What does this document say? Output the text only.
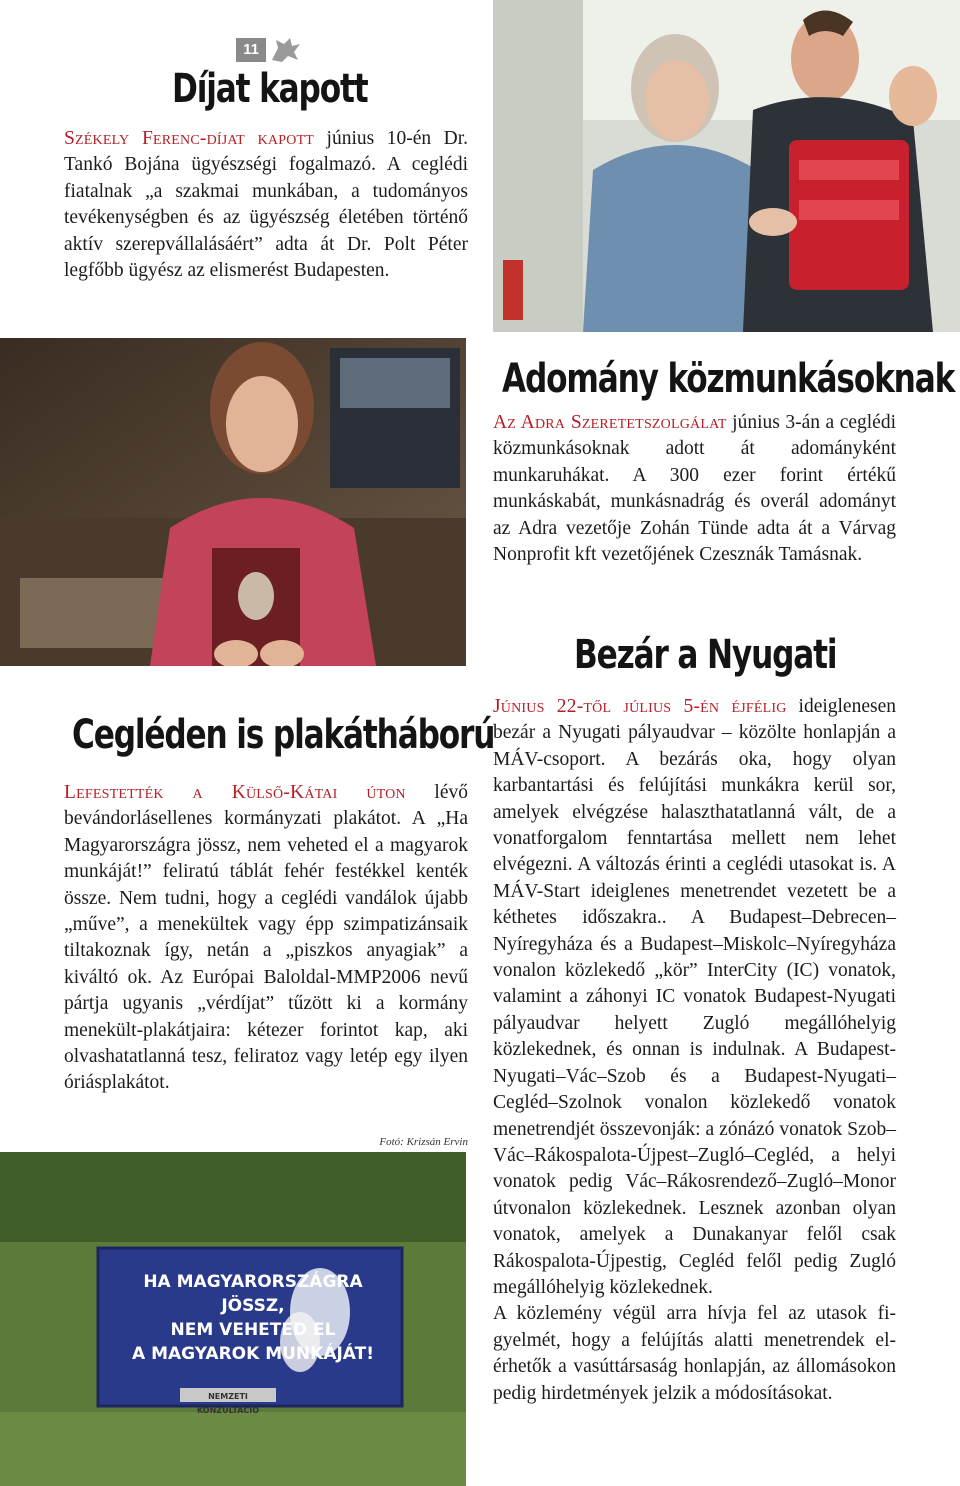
11
Díjat kapott
Székely Ferenc-díjat kapott június 10-én Dr. Tankó Bojána ügyészségi fogalmazó. A ceglédi fiatalnak „a szakmai munkában, a tudományos tevékenységben és az ügyészség életében történő aktív szerepvállalásáért” adta át Dr. Polt Péter legfőbb ügyész az elismerést Budapesten.
Cegléden is plakátháború
Lefestették a Külső-Kátai úton lévő bevándorlásellenes kormányzati plakátot. A „Ha Magyarországra jössz, nem veheted el a magyarok munkáját!” feliratú táblát fehér festékkel kenték össze. Nem tudni, hogy a ceglédi vandálok újabb „műve”, a menekültek vagy épp szimpatizánsaik tiltakoznak így, netán a „piszkos anyagiak” a kiváltó ok. Az Európai Baloldal-MMP2006 nevű pártja ugyanis „vérdíjat” tűzött ki a kormány menekült-plakátjaira: kétezer forintot kap, aki olvashatatlanná tesz, feliratoz vagy letép egy ilyen óriásplakátot.
Fotó: Krizsán Ervin
HA MAGYARORSZÁGRA JÖSSZ,
NEM VEHETED EL
A MAGYAROK MUNKÁJÁT!
NEMZETI KONZULTÁCIÓ
Adomány közmunkásoknak
Az Adra Szeretetszolgálat június 3-án a ceglédi közmunkásoknak adott át adományként munkaruhákat. A 300 ezer forint értékű munkáskabát, munkásnadrág és overál adományt az Adra vezetője Zohán Tünde adta át a Várvag Nonprofit kft vezetőjének Czesznák Tamásnak.
Bezár a Nyugati
Június 22-től július 5-én éjfélig ideiglenesen bezár a Nyugati pályaudvar – közölte honlapján a MÁV-csoport. A bezárás oka, hogy olyan karbantartási és felújítási munkákra kerül sor, amelyek elvégzése halaszthatatlanná vált, de a vonatforgalom fenntartása mellett nem lehet elvégezni. A változás érinti a ceglédi utasokat is. A MÁV-Start ideiglenes menetrendet vezetett be a kéthetes időszakra.. A Budapest–Debrecen–Nyíregyháza és a Budapest–Miskolc–Nyíregyháza vonalon közlekedő „kör” InterCity (IC) vonatok, valamint a záhonyi IC vonatok Budapest-Nyugati pályaudvar helyett Zugló megállóhelyig közlekednek, és onnan is indulnak. A Budapest-Nyugati–Vác–Szob és a Budapest-Nyugati–Cegléd–Szolnok vonalon közlekedő vonatok menetrendjét összevonják: a zónázó vonatok Szob–Vác–Rákospalota-Újpest–Zugló–Cegléd, a helyi vonatok pedig Vác–Rákosrendező–Zugló–Monor útvonalon közlekednek. Lesznek azonban olyan vonatok, amelyek a Dunakanyar felől csak Rákospalota-Újpestig, Cegléd felől pedig Zugló megállóhelyig közlekednek.
A közlemény végül arra hívja fel az utasok figyelmét, hogy a felújítás alatti menetrendek elérhetők a vasúttársaság honlapján, az állomásokon pedig hirdetmények jelzik a módosításokat.
